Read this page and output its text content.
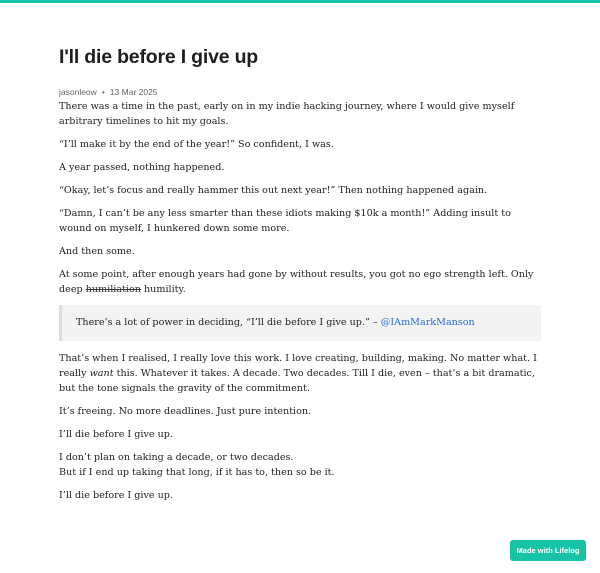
I'll die before I give up
jasonleow • 13 Mar 2025

There was a time in the past, early on in my indie hacking journey, where I would give myself arbitrary timelines to hit my goals.

“I’ll make it by the end of the year!” So confident, I was.

A year passed, nothing happened.

“Okay, let’s focus and really hammer this out next year!” Then nothing happened again.

“Damn, I can’t be any less smarter than these idiots making $10k a month!” Adding insult to wound on myself, I hunkered down some more.

And then some.

At some point, after enough years had gone by without results, you got no ego strength left. Only deep humiliation humility.

There’s a lot of power in deciding, “I’ll die before I give up.” – @IAmMarkManson

That’s when I realised, I really love this work. I love creating, building, making. No matter what. I really want this. Whatever it takes. A decade. Two decades. Till I die, even – that’s a bit dramatic, but the tone signals the gravity of the commitment.

It’s freeing. No more deadlines. Just pure intention.

I’ll die before I give up.

I don’t plan on taking a decade, or two decades.
But if I end up taking that long, if it has to, then so be it.

I’ll die before I give up.

Made with Lifelog
